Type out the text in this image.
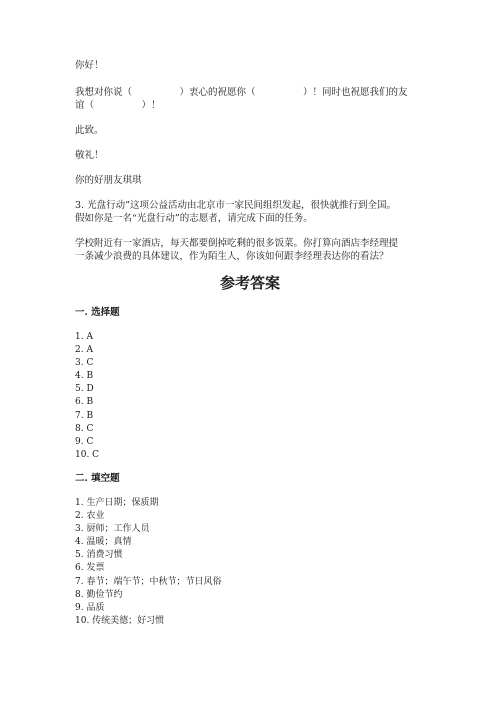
你好！
我想对你说（　　　　　）衷心的祝愿你（　　　　　）！同时也祝愿我们的友
谊（　　　　　）！
此致。
敬礼！
你的好朋友琪琪
3. 光盘行动”这项公益活动由北京市一家民间组织发起，很快就推行到全国。
假如你是一名“光盘行动”的志愿者，请完成下面的任务。
学校附近有一家酒店，每天都要倒掉吃剩的很多饭菜。你打算向酒店李经理提
一条减少浪费的具体建议，作为陌生人，你该如何跟李经理表达你的看法？
参考答案
一. 选择题
1. A
2. A
3. C
4. B
5. D
6. B
7. B
8. C
9. C
10. C
二. 填空题
1. 生产日期；保质期
2. 农业
3. 厨师；工作人员
4. 温暖；真情
5. 消费习惯
6. 发票
7. 春节；端午节；中秋节；节日风俗
8. 勤俭节约
9. 品质
10. 传统美德；好习惯
